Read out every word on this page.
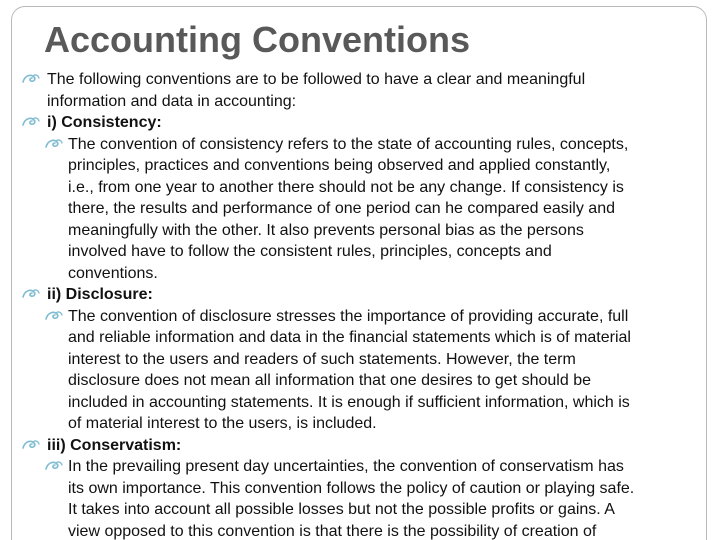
Accounting Conventions
The following conventions are to be followed to have a clear and meaningful
information and data in accounting:
i) Consistency:
The convention of consistency refers to the state of accounting rules, concepts,
principles, practices and conventions being observed and applied constantly,
i.e., from one year to another there should not be any change. If consistency is
there, the results and performance of one period can he compared easily and
meaningfully with the other. It also prevents personal bias as the persons
involved have to follow the consistent rules, principles, concepts and
conventions.
ii) Disclosure:
The convention of disclosure stresses the importance of providing accurate, full
and reliable information and data in the financial statements which is of material
interest to the users and readers of such statements. However, the term
disclosure does not mean all information that one desires to get should be
included in accounting statements. It is enough if sufficient information, which is
of material interest to the users, is included.
iii) Conservatism:
In the prevailing present day uncertainties, the convention of conservatism has
its own importance. This convention follows the policy of caution or playing safe.
It takes into account all possible losses but not the possible profits or gains. A
view opposed to this convention is that there is the possibility of creation of
